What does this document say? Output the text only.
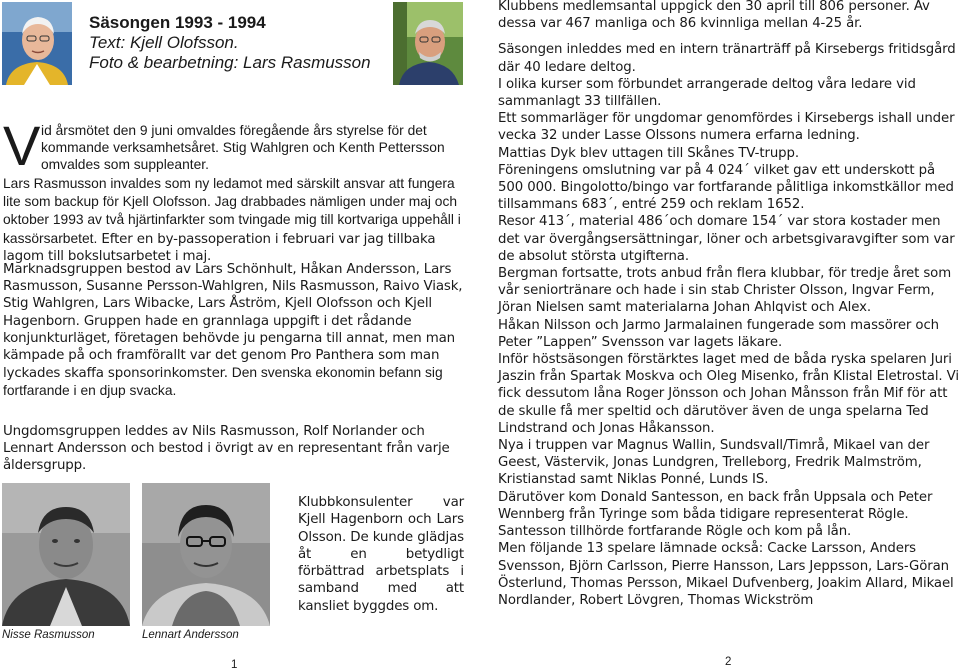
Säsongen 1993 - 1994
Text: Kjell Olofsson.
Foto & bearbetning: Lars Rasmusson
V id årsmötet den 9 juni omvaldes föregående års styrelse för det kommande verksamhetsåret. Stig Wahlgren och Kenth Pettersson omvaldes som suppleanter.
Lars Rasmusson invaldes som ny ledamot med särskilt ansvar att fungera lite som backup för Kjell Olofsson. Jag drabbades nämligen under maj och oktober 1993 av två hjärtinfarkter som tvingade mig till kortvariga uppehåll i kassörsarbetet. Efter en by-passoperation i februari var jag tillbaka lagom till bokslutsarbetet i maj.
Marknadsgruppen bestod av Lars Schönhult, Håkan Andersson, Lars Rasmusson, Susanne Persson-Wahlgren, Nils Rasmusson, Raivo Viask, Stig Wahlgren, Lars Wibacke, Lars Åström, Kjell Olofsson och Kjell Hagenborn. Gruppen hade en grannlaga uppgift i det rådande konjunkturläget, företagen behövde ju pengarna till annat, men man kämpade på och framförallt var det genom Pro Panthera som man lyckades skaffa sponsorinkomster. Den svenska ekonomin befann sig fortfarande i en djup svacka.
Ungdomsgruppen leddes av Nils Rasmusson, Rolf Norlander och Lennart Andersson och bestod i övrigt av en representant från varje åldersgrupp.
Nisse Rasmusson	Lennart Andersson
Klubbkonsulenter var Kjell Hagenborn och Lars Olsson. De kunde glädjas åt en betydligt förbättrad arbetsplats i samband med att kansliet byggdes om.
1	2

Klubbens medlemsantal uppgick den 30 april till 806 personer. Av dessa var 467 manliga och 86 kvinnliga mellan 4-25 år.

Säsongen inleddes med en intern tränarträff på Kirsebergs fritidsgård där 40 ledare deltog.

I olika kurser som förbundet arrangerade deltog våra ledare vid sammanlagt 33 tillfällen.

Ett sommarläger för ungdomar genomfördes i Kirsebergs ishall under vecka 32 under Lasse Olssons numera erfarna ledning.

Mattias Dyk blev uttagen till Skånes TV-trupp.

Föreningens omslutning var på 4 024´ vilket gav ett underskott på 500 000. Bingolotto/bingo var fortfarande pålitliga inkomstkällor med tillsammans 683´, entré 259 och reklam 1652.

Resor 413´, material 486´och domare 154´ var stora kostader men det var övergångsersättningar, löner och arbetsgivaravgifter som var de absolut största utgifterna.

Bergman fortsatte, trots anbud från flera klubbar, för tredje året som vår seniortränare och hade i sin stab Christer Olsson, Ingvar Ferm, Jöran Nielsen samt materialarna Johan Ahlqvist och Alex.

Håkan Nilsson och Jarmo Jarmalainen fungerade som massörer och Peter ”Lappen” Svensson var lagets läkare.

Inför höstsäsongen förstärktes laget med de båda ryska spelaren Juri Jaszin från Spartak Moskva och Oleg Misenko, från Klistal Eletrostal. Vi fick dessutom låna Roger Jönsson och Johan Månsson från Mif för att de skulle få mer speltid och därutöver även de unga spelarna Ted Lindstrand och Jonas Håkansson.

Nya i truppen var Magnus Wallin, Sundsvall/Timrå, Mikael van der Geest, Västervik, Jonas Lundgren, Trelleborg, Fredrik Malmström, Kristianstad samt Niklas Ponné, Lunds IS.

Därutöver kom Donald Santesson, en back från Uppsala och Peter Wennberg från Tyringe som båda tidigare representerat Rögle. Santesson tillhörde fortfarande Rögle och kom på lån.

Men följande 13 spelare lämnade också: Cacke Larsson, Anders Svensson, Björn Carlsson, Pierre Hansson, Lars Jeppsson, Lars-Göran Österlund, Thomas Persson, Mikael Dufvenberg, Joakim Allard, Mikael Nordlander, Robert Lövgren, Thomas Wickström
